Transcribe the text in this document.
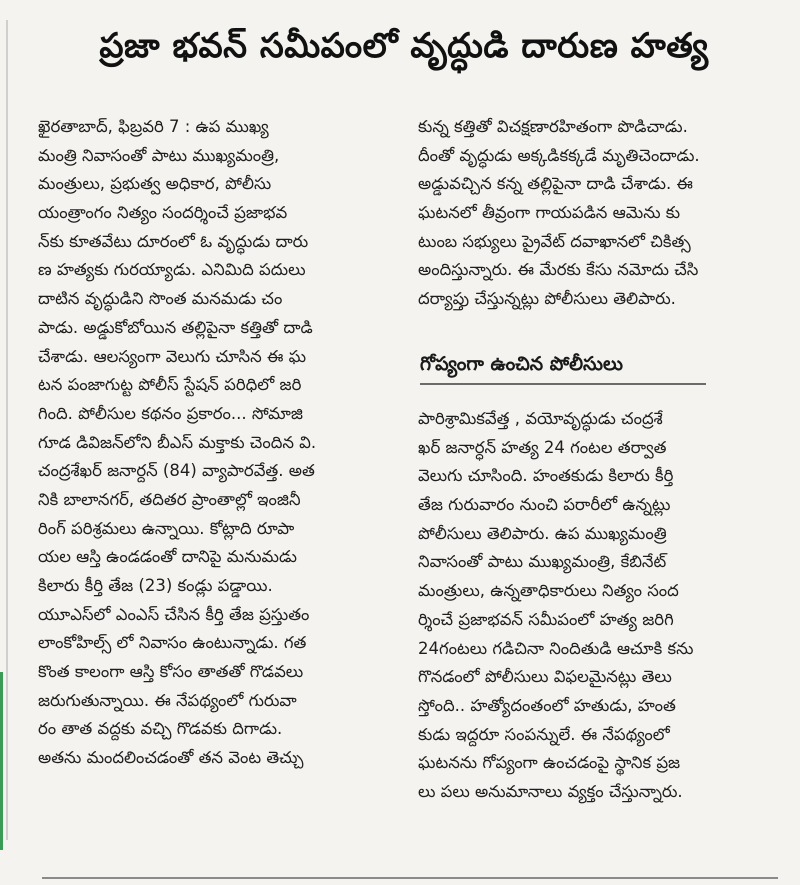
ప్రజా భవన్ సమీపంలో వృద్ధుడి దారుణ హత్య
ఖైరతాబాద్, ఫిబ్రవరి 7 : ఉప ముఖ్య
మంత్రి నివాసంతో పాటు ముఖ్యమంత్రి,
మంత్రులు, ప్రభుత్వ అధికార, పోలీసు
యంత్రాంగం నిత్యం సందర్శించే ప్రజాభవ
న్‌కు కూతవేటు దూరంలో ఓ వృద్ధుడు దారు
ణ హత్యకు గురయ్యాడు. ఎనిమిది పదులు
దాటిన వృద్ధుడిని సొంత మనమడు చం
పాడు. అడ్డుకోబోయిన తల్లిపైనా కత్తితో దాడి
చేశాడు. ఆలస్యంగా వెలుగు చూసిన ఈ ఘ
టన పంజాగుట్ట పోలీస్ స్టేషన్ పరిధిలో జరి
గింది. పోలీసుల కథనం ప్రకారం... సోమాజి
గూడ డివిజన్‌లోని బీఎస్ మక్తాకు చెందిన వి.
చంద్రశేఖర్ జనార్దన్ (84) వ్యాపారవేత్త. అత
నికి బాలానగర్, తదితర ప్రాంతాల్లో ఇంజినీ
రింగ్ పరిశ్రమలు ఉన్నాయి. కోట్లాది రూపా
యల ఆస్తి ఉండడంతో దానిపై మనుమడు
కిలారు కీర్తి తేజ (23) కండ్లు పడ్డాయి.
యూఎస్‌లో ఎంఎస్ చేసిన కీర్తి తేజ ప్రస్తుతం
లాంకోహిల్స్ లో నివాసం ఉంటున్నాడు. గత
కొంత కాలంగా ఆస్తి కోసం తాతతో గొడవలు
జరుగుతున్నాయి. ఈ నేపథ్యంలో గురువా
రం తాత వద్దకు వచ్చి గొడవకు దిగాడు.
అతను మందలించడంతో తన వెంట తెచ్చు
కున్న కత్తితో విచక్షణారహితంగా పొడిచాడు.
దీంతో వృద్ధుడు అక్కడికక్కడే మృతిచెందాడు.
అడ్డువచ్చిన కన్న తల్లిపైనా దాడి చేశాడు. ఈ
ఘటనలో తీవ్రంగా గాయపడిన ఆమెను కు
టుంబ సభ్యులు ప్రైవేట్ దవాఖానలో చికిత్స
అందిస్తున్నారు. ఈ మేరకు కేసు నమోదు చేసి
దర్యాప్తు చేస్తున్నట్లు పోలీసులు తెలిపారు.
గోప్యంగా ఉంచిన పోలీసులు
పారిశ్రామికవేత్త , వయోవృద్ధుడు చంద్రశే
ఖర్ జనార్ధన్ హత్య 24 గంటల తర్వాత
వెలుగు చూసింది. హంతకుడు కిలారు కీర్తి
తేజ గురువారం నుంచి పరారీలో ఉన్నట్లు
పోలీసులు తెలిపారు. ఉప ముఖ్యమంత్రి
నివాసంతో పాటు ముఖ్యమంత్రి, కేబినేట్
మంత్రులు, ఉన్నతాధికారులు నిత్యం సంద
ర్శించే ప్రజాభవన్ సమీపంలో హత్య జరిగి
24గంటలు గడిచినా నిందితుడి ఆచూకి కను
గొనడంలో పోలీసులు విఫలమైనట్లు తెలు
స్తోంది.. హత్యోదంతంలో హతుడు, హంత
కుడు ఇద్దరూ సంపన్నులే. ఈ నేపథ్యంలో
ఘటనను గోప్యంగా ఉంచడంపై స్థానిక ప్రజ
లు పలు అనుమానాలు వ్యక్తం చేస్తున్నారు.
